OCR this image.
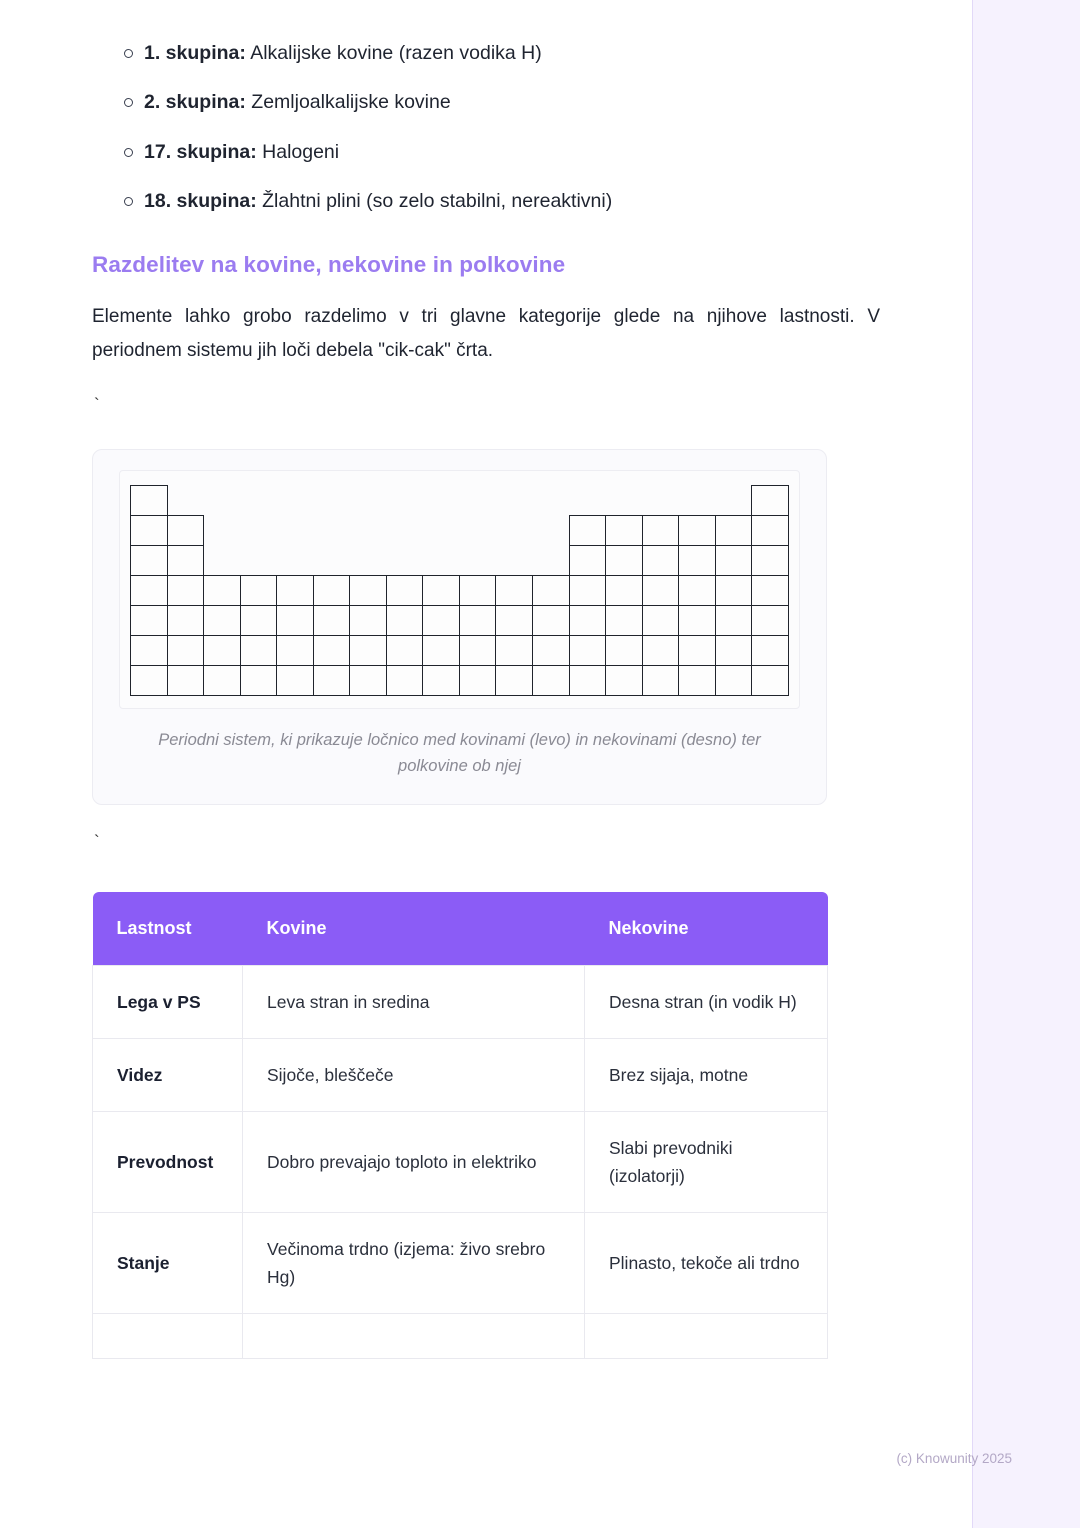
1. skupina: Alkalijske kovine (razen vodika H)
2. skupina: Zemljoalkalijske kovine
17. skupina: Halogeni
18. skupina: Žlahtni plini (so zelo stabilni, nereaktivni)
Razdelitev na kovine, nekovine in polkovine

Elemente lahko grobo razdelimo v tri glavne kategorije glede na njihove lastnosti. V periodnem sistemu jih loči debela "cik-cak" črta.

`

Periodni sistem, ki prikazuje ločnico med kovinami (levo) in nekovinami (desno) ter polkovine ob njej
`
Lastnost	Kovine	Nekovine
Lega v PS	Leva stran in sredina	Desna stran (in vodik H)
Videz	Sijoče, bleščeče	Brez sijaja, motne
Prevodnost	Dobro prevajajo toploto in elektriko	Slabi prevodniki (izolatorji)
Stanje	Večinoma trdno (izjema: živo srebro Hg)	Plinasto, tekoče ali trdno

(c) Knowunity 2025
